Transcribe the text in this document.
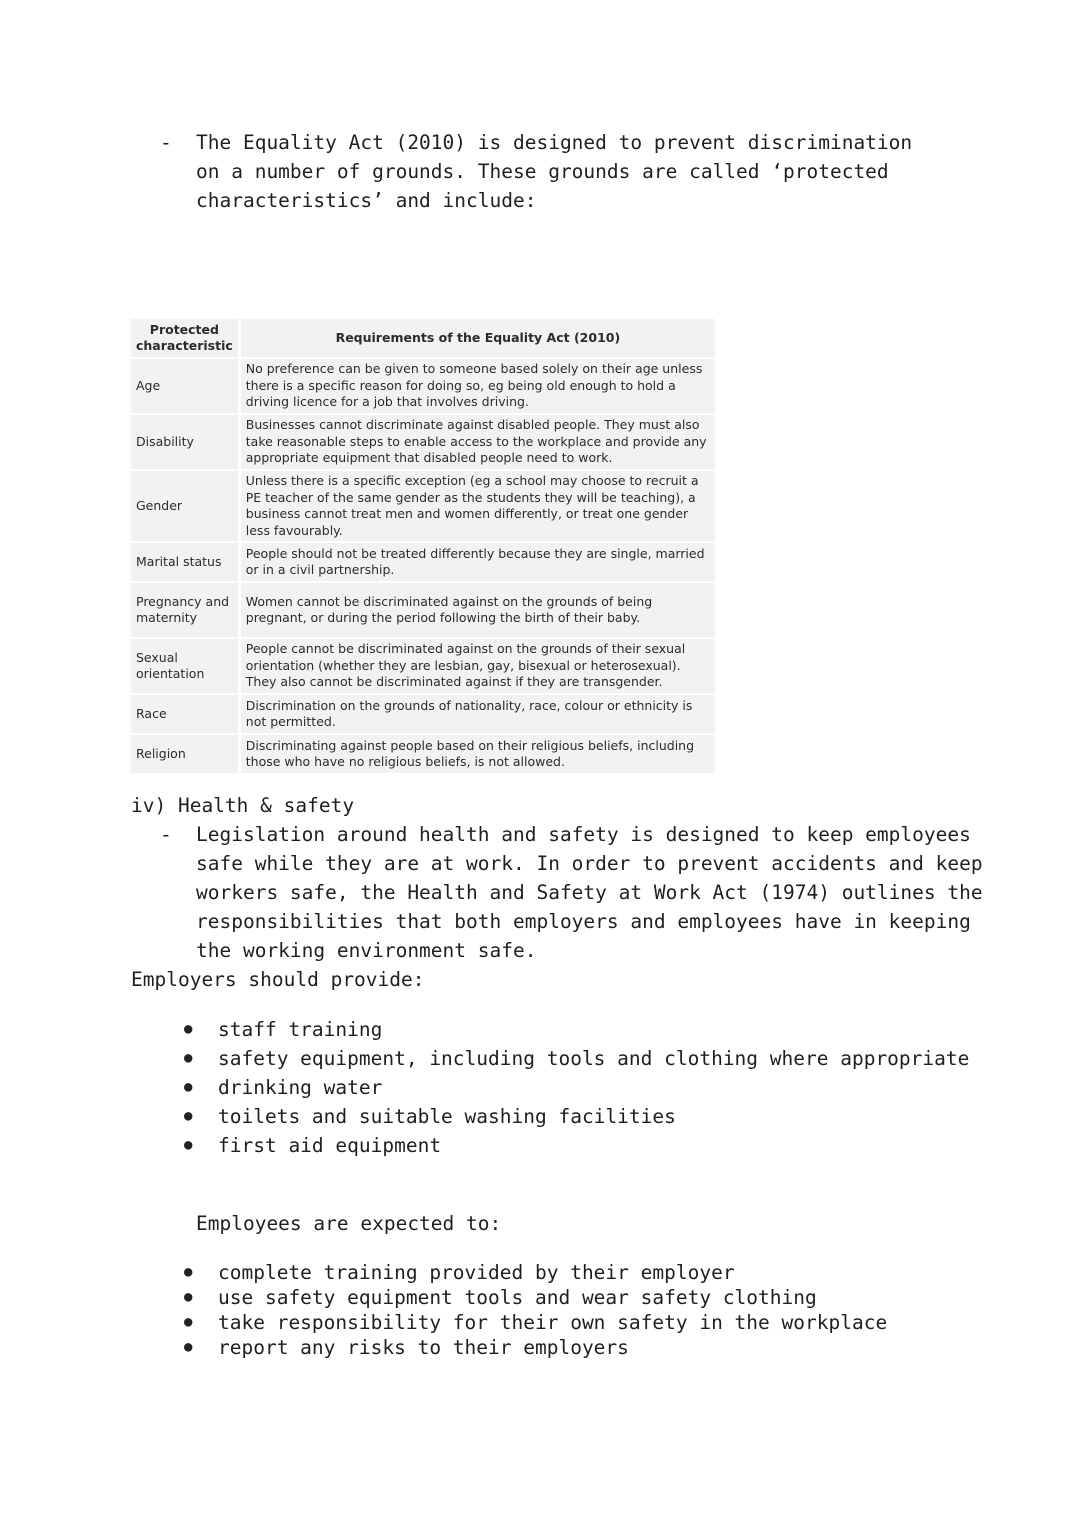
- The Equality Act (2010) is designed to prevent discrimination
on a number of grounds. These grounds are called ‘protected
characteristics’ and include:
Protected characteristic	Requirements of the Equality Act (2010)
Age	No preference can be given to someone based solely on their age unless there is a specific reason for doing so, eg being old enough to hold a driving licence for a job that involves driving.
Disability	Businesses cannot discriminate against disabled people. They must also take reasonable steps to enable access to the workplace and provide any appropriate equipment that disabled people need to work.
Gender	Unless there is a specific exception (eg a school may choose to recruit a PE teacher of the same gender as the students they will be teaching), a business cannot treat men and women differently, or treat one gender less favourably.
Marital status	People should not be treated differently because they are single, married or in a civil partnership.
Pregnancy and maternity	Women cannot be discriminated against on the grounds of being pregnant, or during the period following the birth of their baby.
Sexual orientation	People cannot be discriminated against on the grounds of their sexual orientation (whether they are lesbian, gay, bisexual or heterosexual). They also cannot be discriminated against if they are transgender.
Race	Discrimination on the grounds of nationality, race, colour or ethnicity is not permitted.
Religion	Discriminating against people based on their religious beliefs, including those who have no religious beliefs, is not allowed.
iv) Health & safety
- Legislation around health and safety is designed to keep employees safe while they are at work. In order to prevent accidents and keep workers safe, the Health and Safety at Work Act (1974) outlines the responsibilities that both employers and employees have in keeping the working environment safe.
Employers should provide:
● staff training
● safety equipment, including tools and clothing where appropriate
● drinking water
● toilets and suitable washing facilities
● first aid equipment
Employees are expected to:
● complete training provided by their employer
● use safety equipment tools and wear safety clothing
● take responsibility for their own safety in the workplace
● report any risks to their employers
